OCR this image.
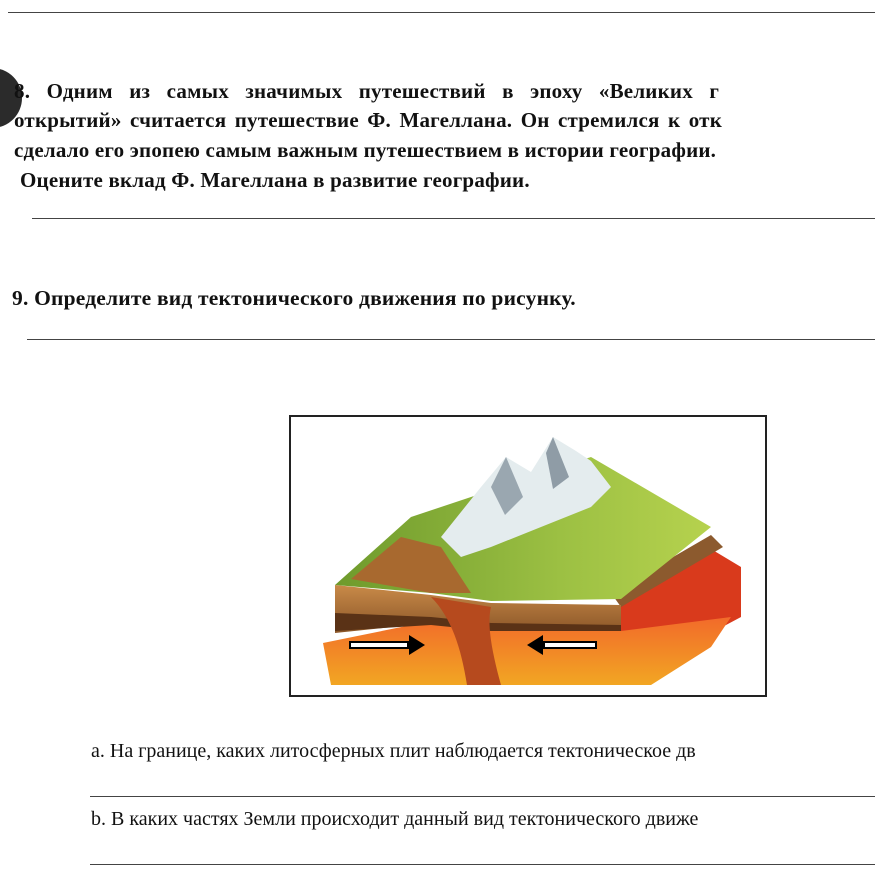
8. Одним из самых значимых путешествий в эпоху «Великих г
открытий» считается путешествие Ф. Магеллана. Он стремился к отк
сделало его эпопею самым важным путешествием в истории географии.
Оцените вклад Ф. Магеллана в развитие географии.
9. Определите вид тектонического движения по рисунку.
a. На границе, каких литосферных плит наблюдается тектоническое дв
b. В каких частях Земли происходит данный вид тектонического движе
